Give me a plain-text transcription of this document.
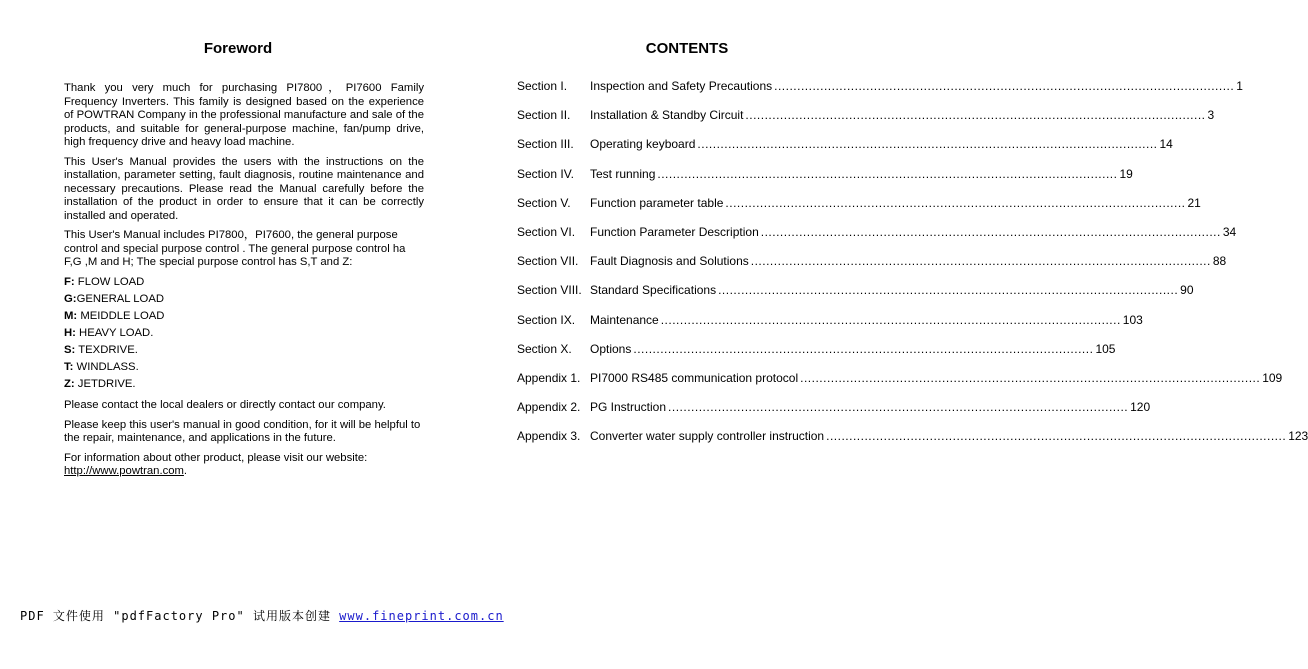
Foreword

Thank you very much for purchasing PI7800，PI7600 Family Frequency Inverters. This family is designed based on the experience of POWTRAN Company in the professional manufacture and sale of the products, and suitable for general-purpose machine, fan/pump drive, high frequency drive and heavy load machine.

This User's Manual provides the users with the instructions on the installation, parameter setting, fault diagnosis, routine maintenance and necessary precautions. Please read the Manual carefully before the installation of the product in order to ensure that it can be correctly installed and operated.

This User's Manual includes PI7800，PI7600, the general purpose control and special purpose control . The general purpose control ha F,G ,M and H; The special purpose control has S,T and Z:

F: FLOW LOAD
G:GENERAL LOAD
M: MEIDDLE LOAD
H: HEAVY LOAD.
S: TEXDRIVE.
T: WINDLASS.
Z: JETDRIVE.

Please contact the local dealers or directly contact our company.

Please keep this user's manual in good condition, for it will be helpful to the repair, maintenance, and applications in the future.

For information about other product, please visit our website:
http://www.powtran.com.

CONTENTS
Section I.	Inspection and Safety Precautions ........................................................................................................................ 1
Section II.	Installation & Standby Circuit ........................................................................................................................ 3
Section III.	Operating keyboard ........................................................................................................................ 14
Section IV.	Test running ........................................................................................................................ 19
Section V.	Function parameter table ........................................................................................................................ 21
Section VI.	Function Parameter Description ........................................................................................................................ 34
Section VII. Fault Diagnosis and Solutions ........................................................................................................................ 88
Section VIII. Standard Specifications ........................................................................................................................ 90
Section IX.	Maintenance ........................................................................................................................ 103
Section X.	Options ........................................................................................................................ 105
Appendix 1. PI7000 RS485 communication protocol ........................................................................................................................ 109
Appendix 2. PG Instruction ........................................................................................................................ 120
Appendix 3. Converter water supply controller instruction ........................................................................................................................ 123
PDF 文件使用 "pdfFactory Pro" 试用版本创建 www.fineprint.com.cn
